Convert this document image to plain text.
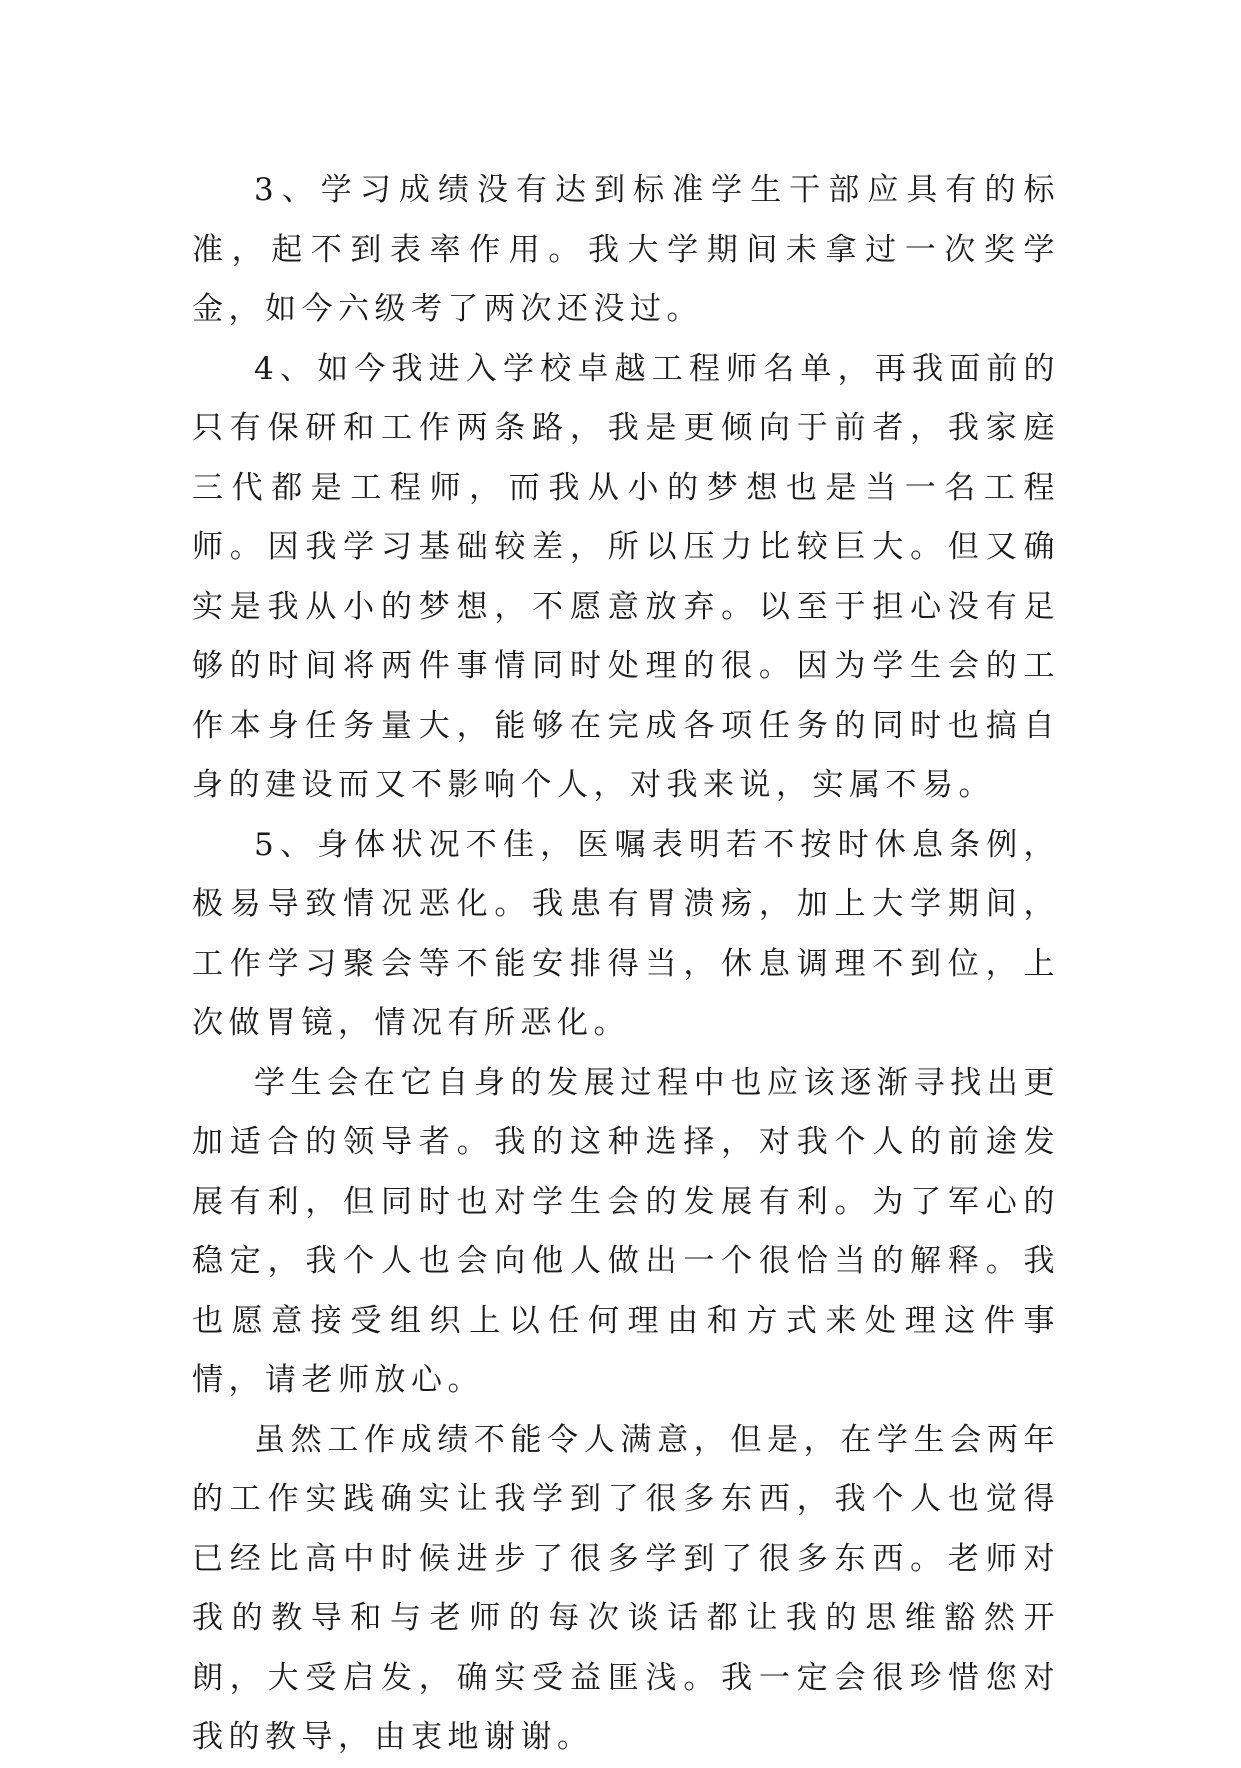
3、学习成绩没有达到标准学生干部应具有的标准，起不到表率作用。我大学期间未拿过一次奖学金，如今六级考了两次还没过。

4、如今我进入学校卓越工程师名单，再我面前的只有保研和工作两条路，我是更倾向于前者，我家庭三代都是工程师，而我从小的梦想也是当一名工程师。因我学习基础较差，所以压力比较巨大。但又确实是我从小的梦想，不愿意放弃。以至于担心没有足够的时间将两件事情同时处理的很。因为学生会的工作本身任务量大，能够在完成各项任务的同时也搞自身的建设而又不影响个人，对我来说，实属不易。

5、身体状况不佳，医嘱表明若不按时休息条例，极易导致情况恶化。我患有胃溃疡，加上大学期间，工作学习聚会等不能安排得当，休息调理不到位，上次做胃镜，情况有所恶化。

学生会在它自身的发展过程中也应该逐渐寻找出更加适合的领导者。我的这种选择，对我个人的前途发展有利，但同时也对学生会的发展有利。为了军心的稳定，我个人也会向他人做出一个很恰当的解释。我也愿意接受组织上以任何理由和方式来处理这件事情，请老师放心。

虽然工作成绩不能令人满意，但是，在学生会两年的工作实践确实让我学到了很多东西，我个人也觉得已经比高中时候进步了很多学到了很多东西。老师对我的教导和与老师的每次谈话都让我的思维豁然开朗，大受启发，确实受益匪浅。我一定会很珍惜您对我的教导，由衷地谢谢。
